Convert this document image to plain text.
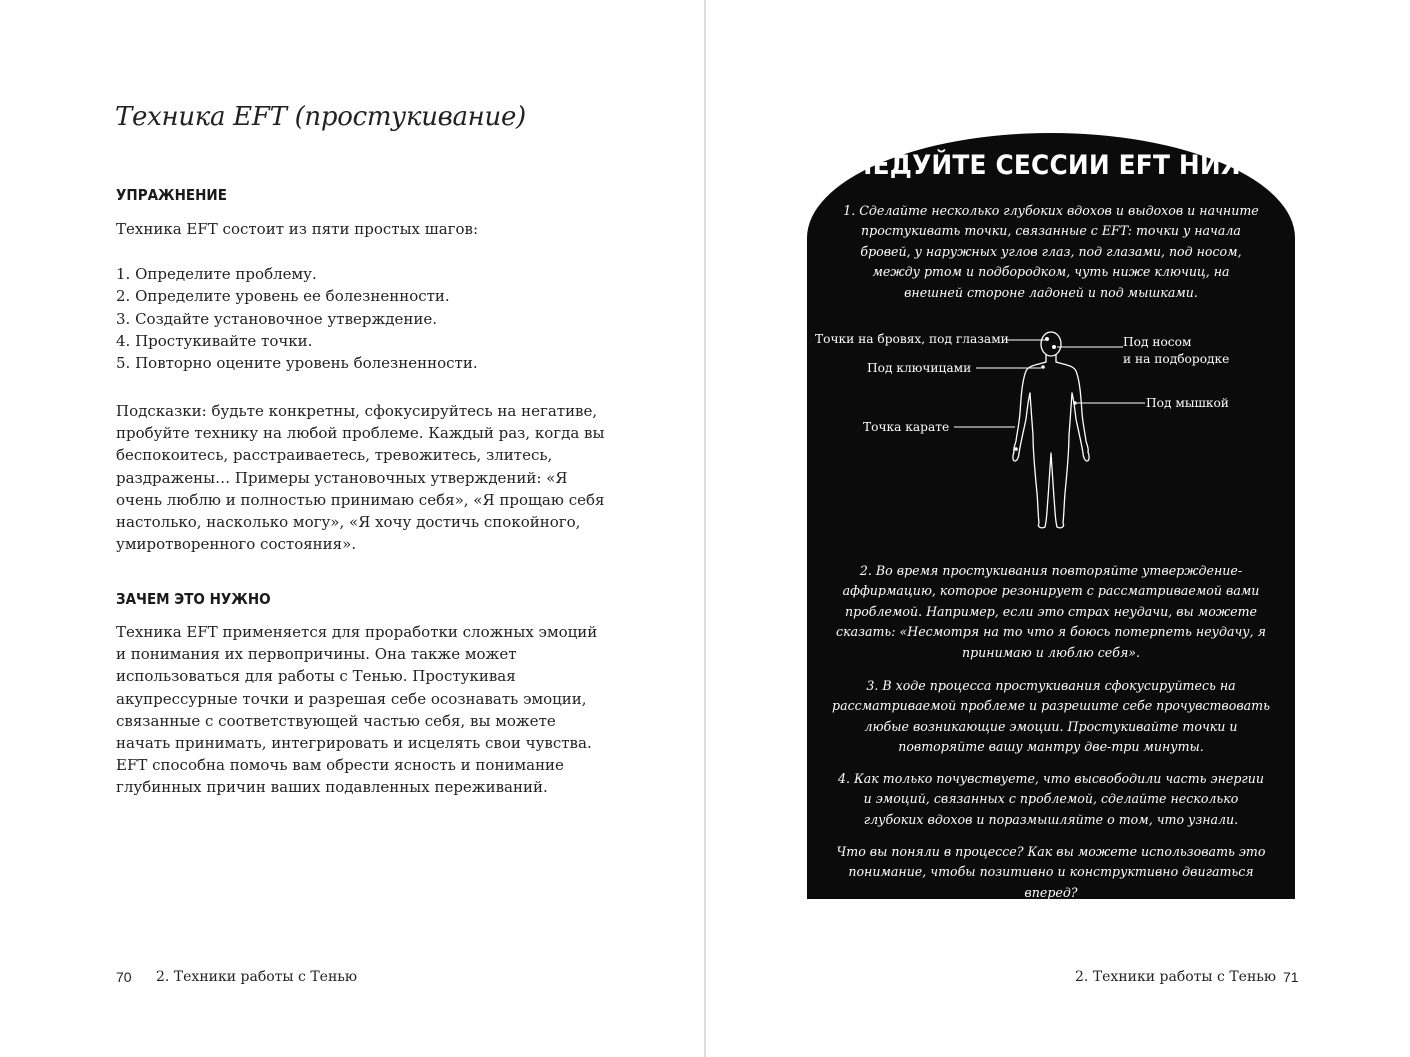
Техника EFT (простукивание)
УПРАЖНЕНИЕ

Техника EFT состоит из пяти простых шагов:

1. Определите проблему.
2. Определите уровень ее болезненности.
3. Создайте установочное утверждение.
4. Простукивайте точки.
5. Повторно оцените уровень болезненности.

Подсказки: будьте конкретны, сфокусируйтесь на негативе, пробуйте технику на любой проблеме. Каждый раз, когда вы беспокоитесь, расстраиваетесь, тревожитесь, злитесь, раздражены… Примеры установочных утверждений: «Я очень люблю и полностью принимаю себя», «Я прощаю себя настолько, насколько могу», «Я хочу достичь спокойного, умиротворенного состояния».

ЗАЧЕМ ЭТО НУЖНО

Техника EFT применяется для проработки сложных эмоций и понимания их первопричины. Она также может использоваться для работы с Тенью. Простукивая акупрессурные точки и разрешая себе осознавать эмоции, связанные с соответствующей частью себя, вы можете начать принимать, интегрировать и исцелять свои чувства. EFT способна помочь вам обрести ясность и понимание глубинных причин ваших подавленных переживаний.

70 2. Техники работы с Тенью
СЛЕДУЙТЕ СЕССИИ EFT НИЖЕ

1. Сделайте несколько глубоких вдохов и выдохов и начните простукивать точки, связанные с EFT: точки у начала бровей, у наружных углов глаз, под глазами, под носом, между ртом и подбородком, чуть ниже ключиц, на внешней стороне ладоней и под мышками.

Точки на бровях, под глазами
Под ключицами
Точка карате
Под носом
и на подбородке
Под мышкой

2. Во время простукивания повторяйте утверждение-аффирмацию, которое резонирует с рассматриваемой вами проблемой. Например, если это страх неудачи, вы можете сказать: «Несмотря на то что я боюсь потерпеть неудачу, я принимаю и люблю себя».

3. В ходе процесса простукивания сфокусируйтесь на рассматриваемой проблеме и разрешите себе прочувствовать любые возникающие эмоции. Простукивайте точки и повторяйте вашу мантру две-три минуты.

4. Как только почувствуете, что высвободили часть энергии и эмоций, связанных с проблемой, сделайте несколько глубоких вдохов и поразмышляйте о том, что узнали.

Что вы поняли в процессе? Как вы можете использовать это понимание, чтобы позитивно и конструктивно двигаться вперед?

2. Техники работы с Тенью 71
